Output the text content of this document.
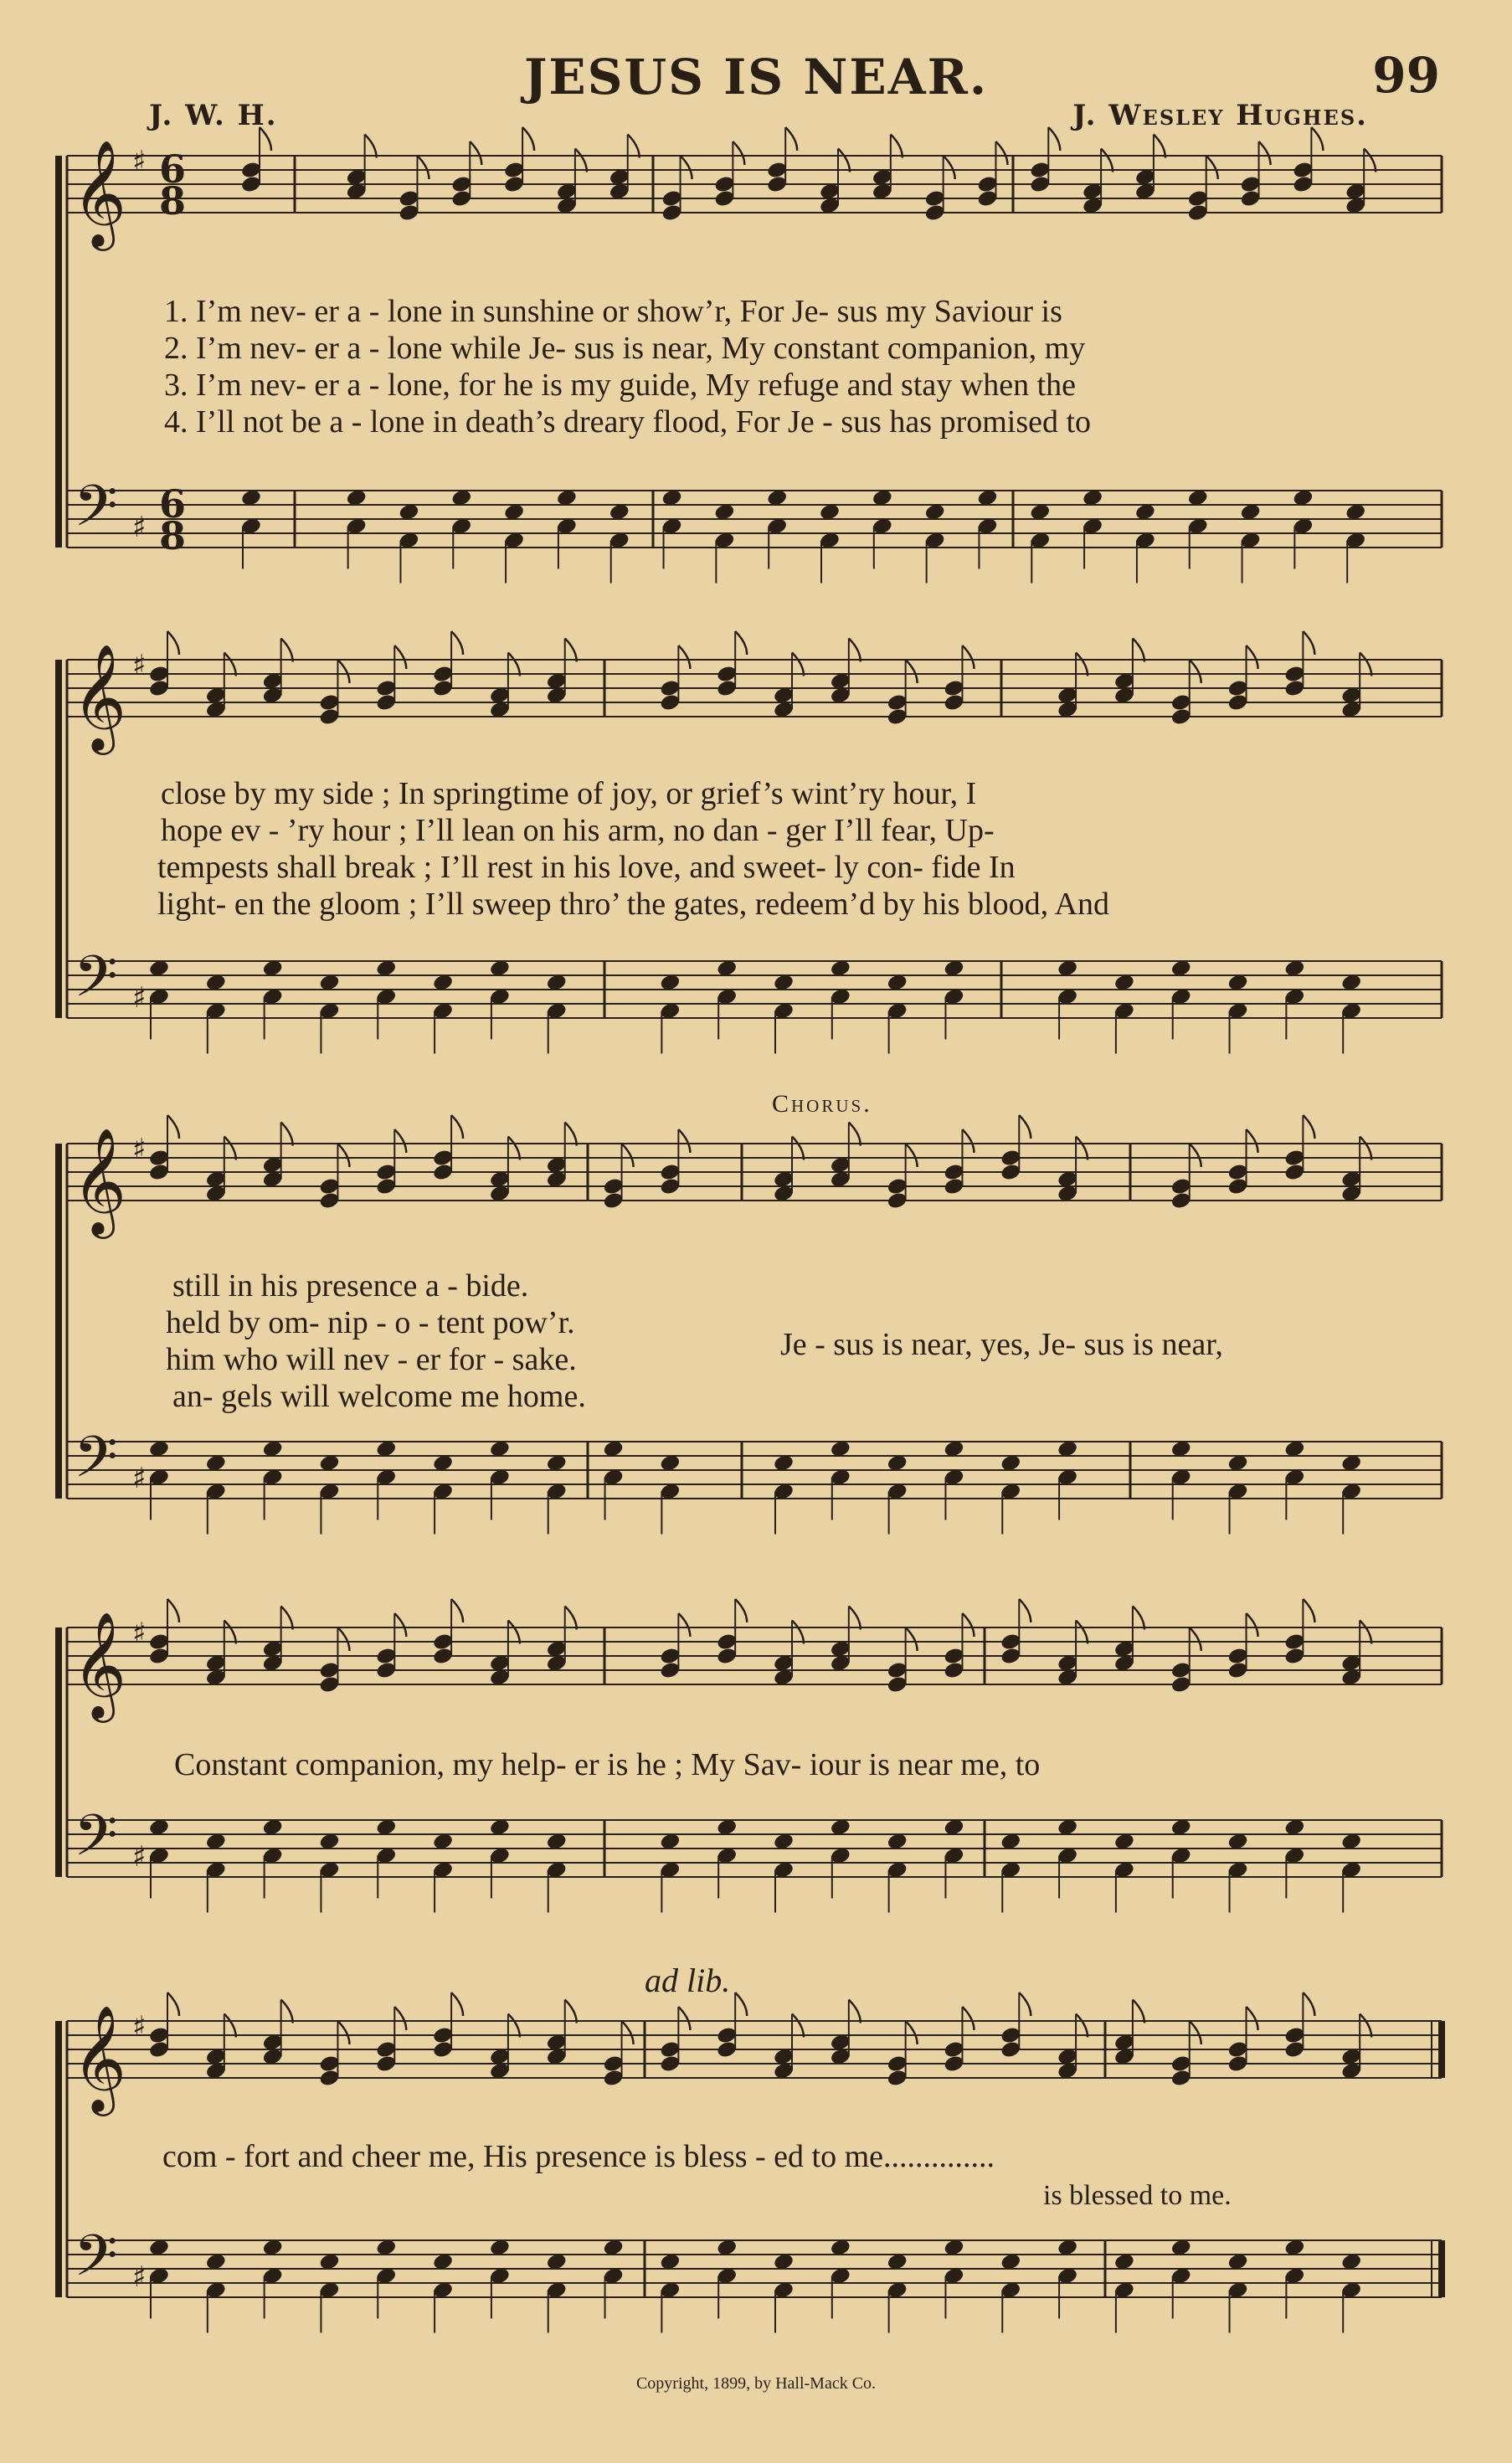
JESUS IS NEAR.	99
J. W. H.	J. Wesley Hughes.
𝄞
𝄢
♯
♯
6
8
6
8
𝄞
𝄢
♯
♯
𝄞
𝄢
♯
♯
𝄞
𝄢
♯
♯
𝄞
𝄢
♯
♯
1. I’m nev- er a - lone in sunshine or show’r, For Je- sus my Saviour is
2. I’m nev- er a - lone while Je- sus is near, My constant companion, my
3. I’m nev- er a - lone, for he is my guide, My refuge and stay when the
4. I’ll not be a - lone in death’s dreary flood, For Je - sus has promised to
close by my side ; In springtime of joy, or grief’s wint’ry hour, I
hope ev - ’ry hour ; I’ll lean on his arm, no dan - ger I’ll fear, Up-
tempests shall break ; I’ll rest in his love, and sweet- ly con- fide In
light- en the gloom ; I’ll sweep thro’ the gates, redeem’d by his blood, And
Chorus.
still in his presence a - bide.
held by om- nip - o - tent pow’r.
him who will nev - er for - sake.
an- gels will welcome me home.
Je - sus is near, yes, Je- sus is near,
Constant companion, my help- er is he ; My Sav- iour is near me, to
ad lib.
com - fort and cheer me, His presence is bless - ed to me..............
is blessed to me.
Copyright, 1899, by Hall-Mack Co.
